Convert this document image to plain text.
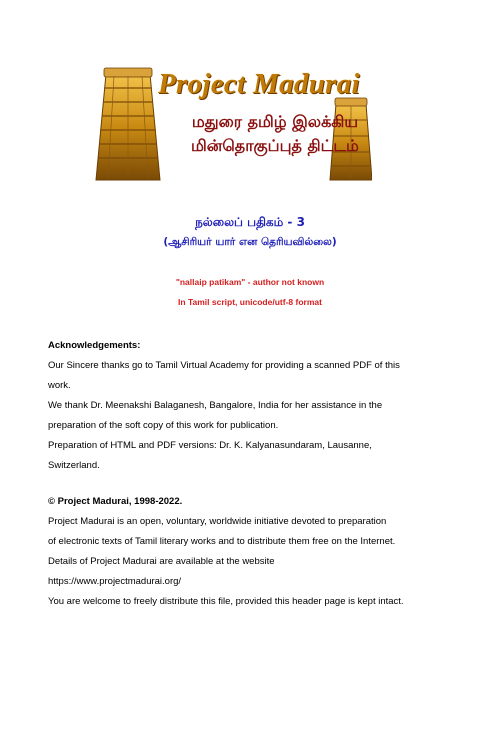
Project Madurai
மதுரை தமிழ் இலக்கிய
மின்தொகுப்புத் திட்டம்
நல்லைப் பதிகம் - 3
(ஆசிரியர் யார் என தெரியவில்லை)
"nallaip patikam" - author not known
In Tamil script, unicode/utf-8 format
Acknowledgements:
Our Sincere thanks go to Tamil Virtual Academy for providing a scanned PDF of this
work.
We thank Dr. Meenakshi Balaganesh, Bangalore, India for her assistance in the
preparation of the soft copy of this work for publication.
Preparation of HTML and PDF versions: Dr. K. Kalyanasundaram, Lausanne,
Switzerland.
© Project Madurai, 1998-2022.
Project Madurai is an open, voluntary, worldwide initiative devoted to preparation
of electronic texts of Tamil literary works and to distribute them free on the Internet.
Details of Project Madurai are available at the website
https://www.projectmadurai.org/
You are welcome to freely distribute this file, provided this header page is kept intact.
